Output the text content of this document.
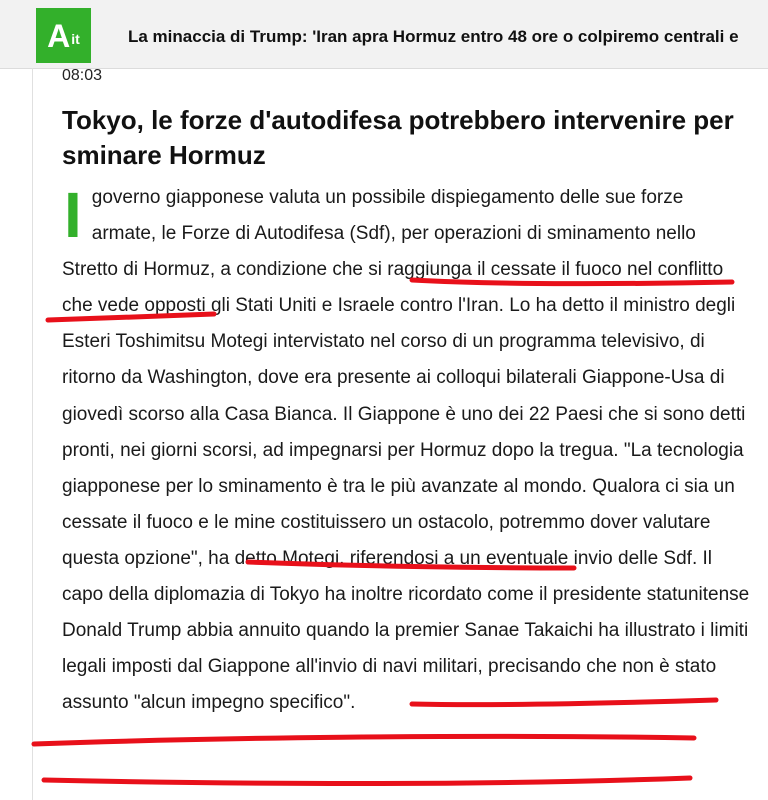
A it	La minaccia di Trump: 'Iran apra Hormuz entro 48 ore o colpiremo centrali e
08:03
Tokyo, le forze d'autodifesa potrebbero intervenire per sminare Hormuz

I governo giapponese valuta un possibile dispiegamento delle sue forze armate, le Forze di Autodifesa (Sdf), per operazioni di sminamento nello Stretto di Hormuz, a condizione che si raggiunga il cessate il fuoco nel conflitto che vede opposti gli Stati Uniti e Israele contro l'Iran. Lo ha detto il ministro degli Esteri Toshimitsu Motegi intervistato nel corso di un programma televisivo, di ritorno da Washington, dove era presente ai colloqui bilaterali Giappone-Usa di giovedì scorso alla Casa Bianca. Il Giappone è uno dei 22 Paesi che si sono detti pronti, nei giorni scorsi, ad impegnarsi per Hormuz dopo la tregua. "La tecnologia giapponese per lo sminamento è tra le più avanzate al mondo. Qualora ci sia un cessate il fuoco e le mine costituissero un ostacolo, potremmo dover valutare questa opzione", ha detto Motegi, riferendosi a un eventuale invio delle Sdf. Il capo della diplomazia di Tokyo ha inoltre ricordato come il presidente statunitense Donald Trump abbia annuito quando la premier Sanae Takaichi ha illustrato i limiti legali imposti dal Giappone all'invio di navi militari, precisando che non è stato assunto "alcun impegno specifico".
